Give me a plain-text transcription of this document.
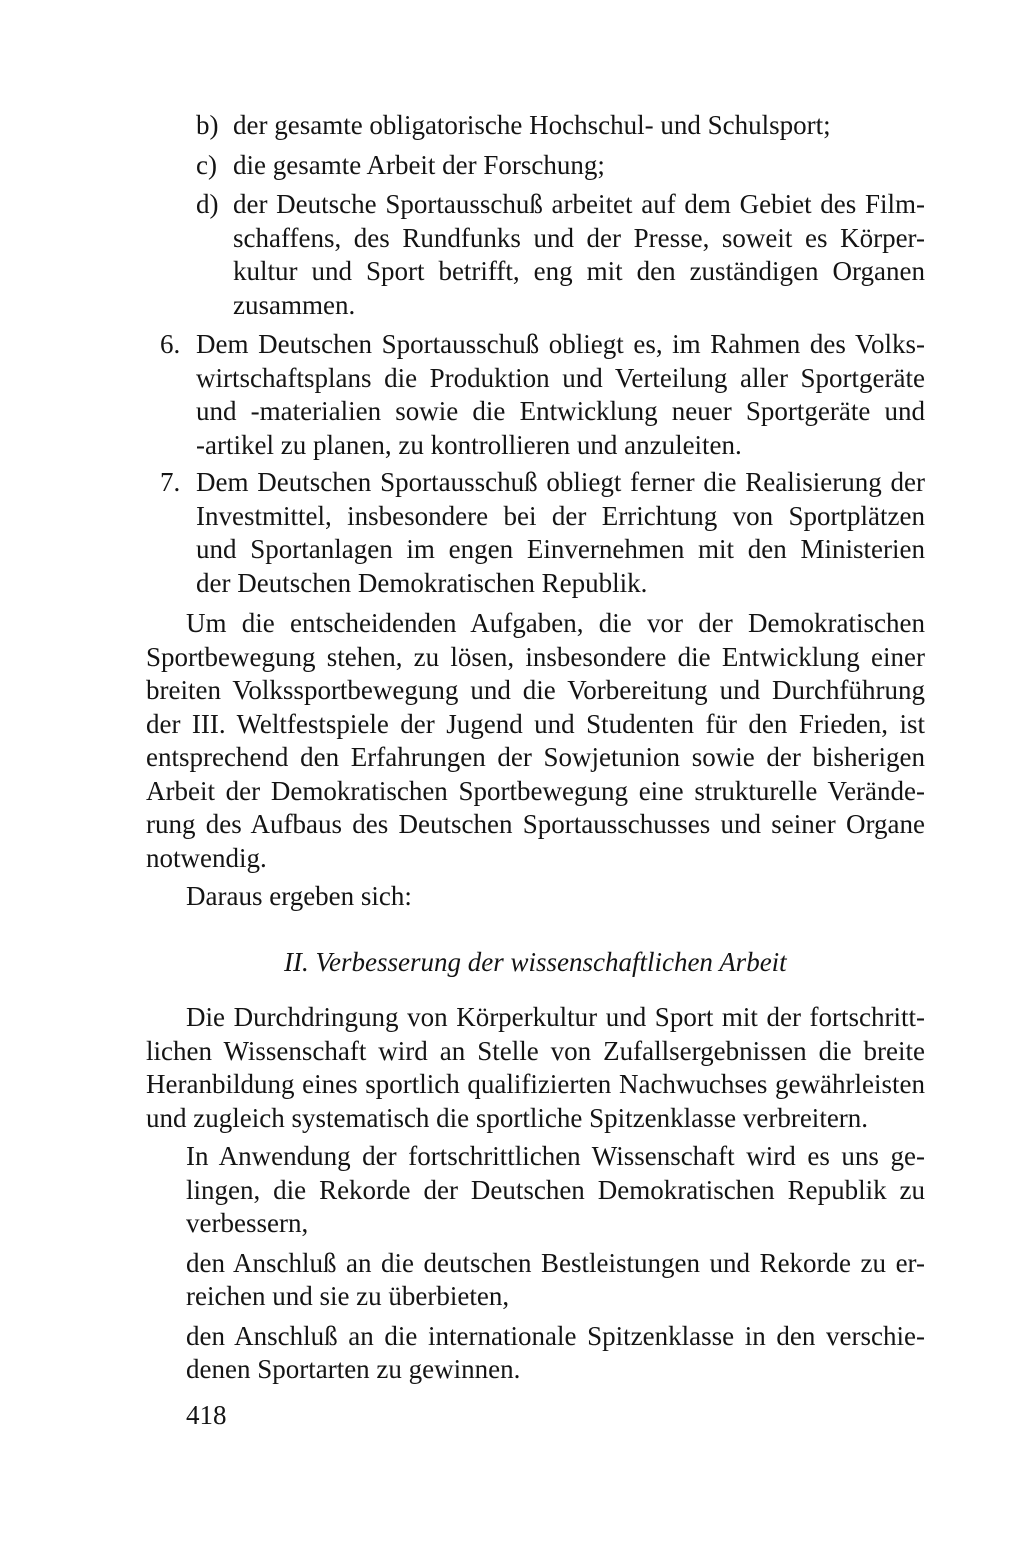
b) der gesamte obligatorische Hochschul- und Schulsport;
c) die gesamte Arbeit der Forschung;
d) der Deutsche Sportausschuß arbeitet auf dem Gebiet des Film-
schaffens, des Rundfunks und der Presse, soweit es Körper-
kultur und Sport betrifft, eng mit den zuständigen Organen
zusammen.
6. Dem Deutschen Sportausschuß obliegt es, im Rahmen des Volks-
wirtschaftsplans die Produktion und Verteilung aller Sportgeräte
und -materialien sowie die Entwicklung neuer Sportgeräte und
-artikel zu planen, zu kontrollieren und anzuleiten.
7. Dem Deutschen Sportausschuß obliegt ferner die Realisierung der
Investmittel, insbesondere bei der Errichtung von Sportplätzen
und Sportanlagen im engen Einvernehmen mit den Ministerien
der Deutschen Demokratischen Republik.
Um die entscheidenden Aufgaben, die vor der Demokratischen
Sportbewegung stehen, zu lösen, insbesondere die Entwicklung einer
breiten Volkssportbewegung und die Vorbereitung und Durchführung
der III. Weltfestspiele der Jugend und Studenten für den Frieden, ist
entsprechend den Erfahrungen der Sowjetunion sowie der bisherigen
Arbeit der Demokratischen Sportbewegung eine strukturelle Verände-
rung des Aufbaus des Deutschen Sportausschusses und seiner Organe
notwendig.
Daraus ergeben sich:
II. Verbesserung der wissenschaftlichen Arbeit
Die Durchdringung von Körperkultur und Sport mit der fortschritt-
lichen Wissenschaft wird an Stelle von Zufallsergebnissen die breite
Heranbildung eines sportlich qualifizierten Nachwuchses gewährleisten
und zugleich systematisch die sportliche Spitzenklasse verbreitern.
In Anwendung der fortschrittlichen Wissenschaft wird es uns ge-
lingen, die Rekorde der Deutschen Demokratischen Republik zu
verbessern,
den Anschluß an die deutschen Bestleistungen und Rekorde zu er-
reichen und sie zu überbieten,
den Anschluß an die internationale Spitzenklasse in den verschie-
denen Sportarten zu gewinnen.
418
